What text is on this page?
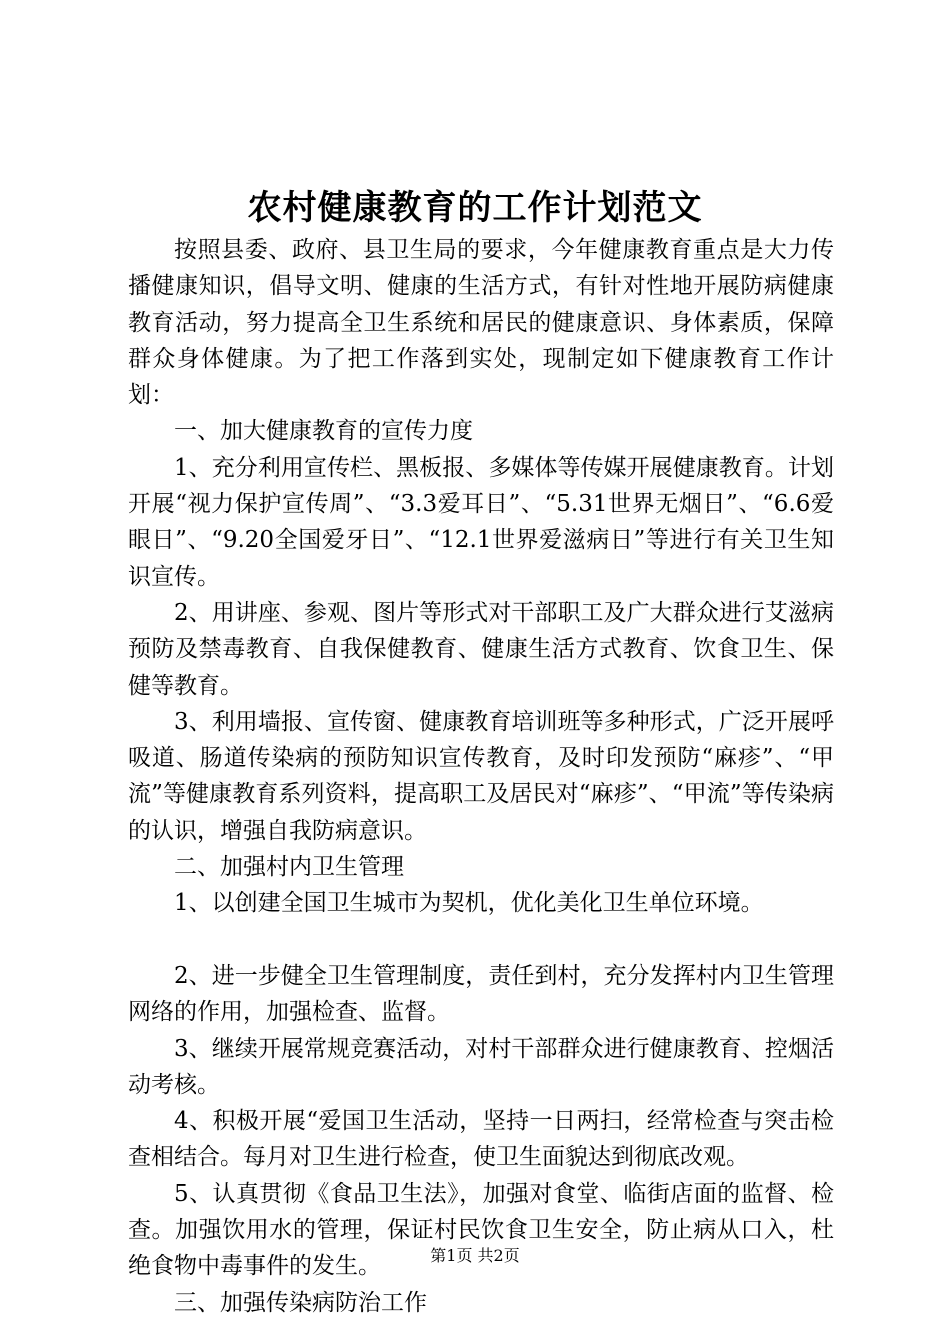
农村健康教育的工作计划范文

按照县委、政府、县卫生局的要求，今年健康教育重点是大力传播健康知识，倡导文明、健康的生活方式，有针对性地开展防病健康教育活动，努力提高全卫生系统和居民的健康意识、身体素质，保障群众身体健康。为了把工作落到实处，现制定如下健康教育工作计划：

一、加大健康教育的宣传力度

1、充分利用宣传栏、黑板报、多媒体等传媒开展健康教育。计划开展“视力保护宣传周”、“3.3爱耳日”、“5.31世界无烟日”、“6.6爱眼日”、“9.20全国爱牙日”、“12.1世界爱滋病日”等进行有关卫生知识宣传。

2、用讲座、参观、图片等形式对干部职工及广大群众进行艾滋病预防及禁毒教育、自我保健教育、健康生活方式教育、饮食卫生、保健等教育。

3、利用墙报、宣传窗、健康教育培训班等多种形式，广泛开展呼吸道、肠道传染病的预防知识宣传教育，及时印发预防“麻疹”、“甲流”等健康教育系列资料，提高职工及居民对“麻疹”、“甲流”等传染病的认识，增强自我防病意识。

二、加强村内卫生管理

1、以创建全国卫生城市为契机，优化美化卫生单位环境。

2、进一步健全卫生管理制度，责任到村，充分发挥村内卫生管理网络的作用，加强检查、监督。

3、继续开展常规竞赛活动，对村干部群众进行健康教育、控烟活动考核。

4、积极开展“爱国卫生活动，坚持一日两扫，经常检查与突击检查相结合。每月对卫生进行检查，使卫生面貌达到彻底改观。

5、认真贯彻《食品卫生法》，加强对食堂、临街店面的监督、检查。加强饮用水的管理，保证村民饮食卫生安全，防止病从口入，杜绝食物中毒事件的发生。

三、加强传染病防治工作

第1页 共2页
